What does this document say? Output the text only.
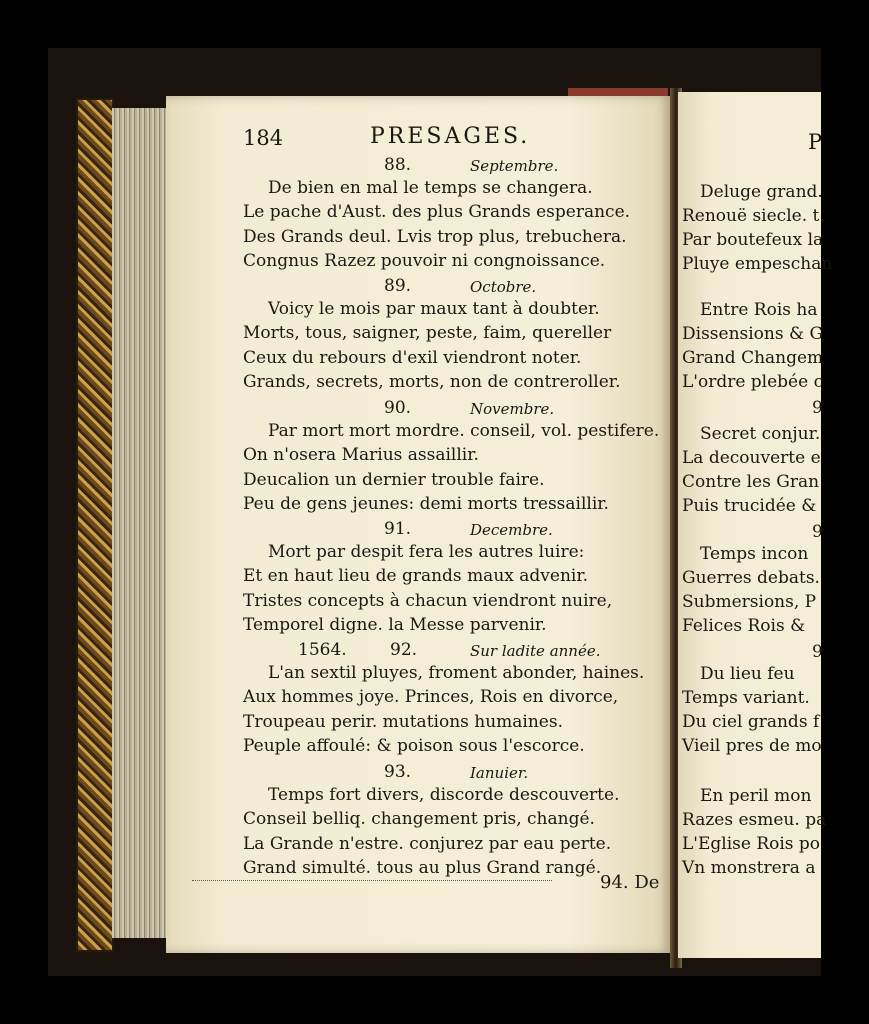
184	PRESAGES.
88.	Septembre.
De bien en mal le temps se changera.
Le pache d'Aust. des plus Grands esperance.
Des Grands deul. Lvis trop plus, trebuchera.
Congnus Razez pouvoir ni congnoissance.
89.	Octobre.
Voicy le mois par maux tant à doubter.
Morts, tous, saigner, peste, faim, quereller
Ceux du rebours d'exil viendront noter.
Grands, secrets, morts, non de contreroller.
90.	Novembre.
Par mort mort mordre. conseil, vol. pestifere.
On n'osera Marius assaillir.
Deucalion un dernier trouble faire.
Peu de gens jeunes: demi morts tressaillir.
91.	Decembre.
Mort par despit fera les autres luire:
Et en haut lieu de grands maux advenir.
Tristes concepts à chacun viendront nuire,
Temporel digne. la Messe parvenir.
1564.	92.	Sur ladite année.
L'an sextil pluyes, froment abonder, haines.
Aux hommes joye. Princes, Rois en divorce,
Troupeau perir. mutations humaines.
Peuple affoulé: & poison sous l'escorce.
93.	Ianuier.
Temps fort divers, discorde descouverte.
Conseil belliq. changement pris, changé.
La Grande n'estre. conjurez par eau perte.
Grand simulté. tous au plus Grand rangé.
94. De
P
Deluge grand.
Renouë siecle. t
Par boutefeux la
Pluye empeschan
Entre Rois ha
Dissensions & G
Grand Changem
L'ordre plebée c
9
Secret conjur.
La decouverte e
Contre les Gran
Puis trucidée &
9
Temps incon
Guerres debats.
Submersions, P
Felices Rois &
9
Du lieu feu
Temps variant.
Du ciel grands f
Vieil pres de mo
En peril mon
Razes esmeu. pa
L'Eglise Rois po
Vn monstrera a
